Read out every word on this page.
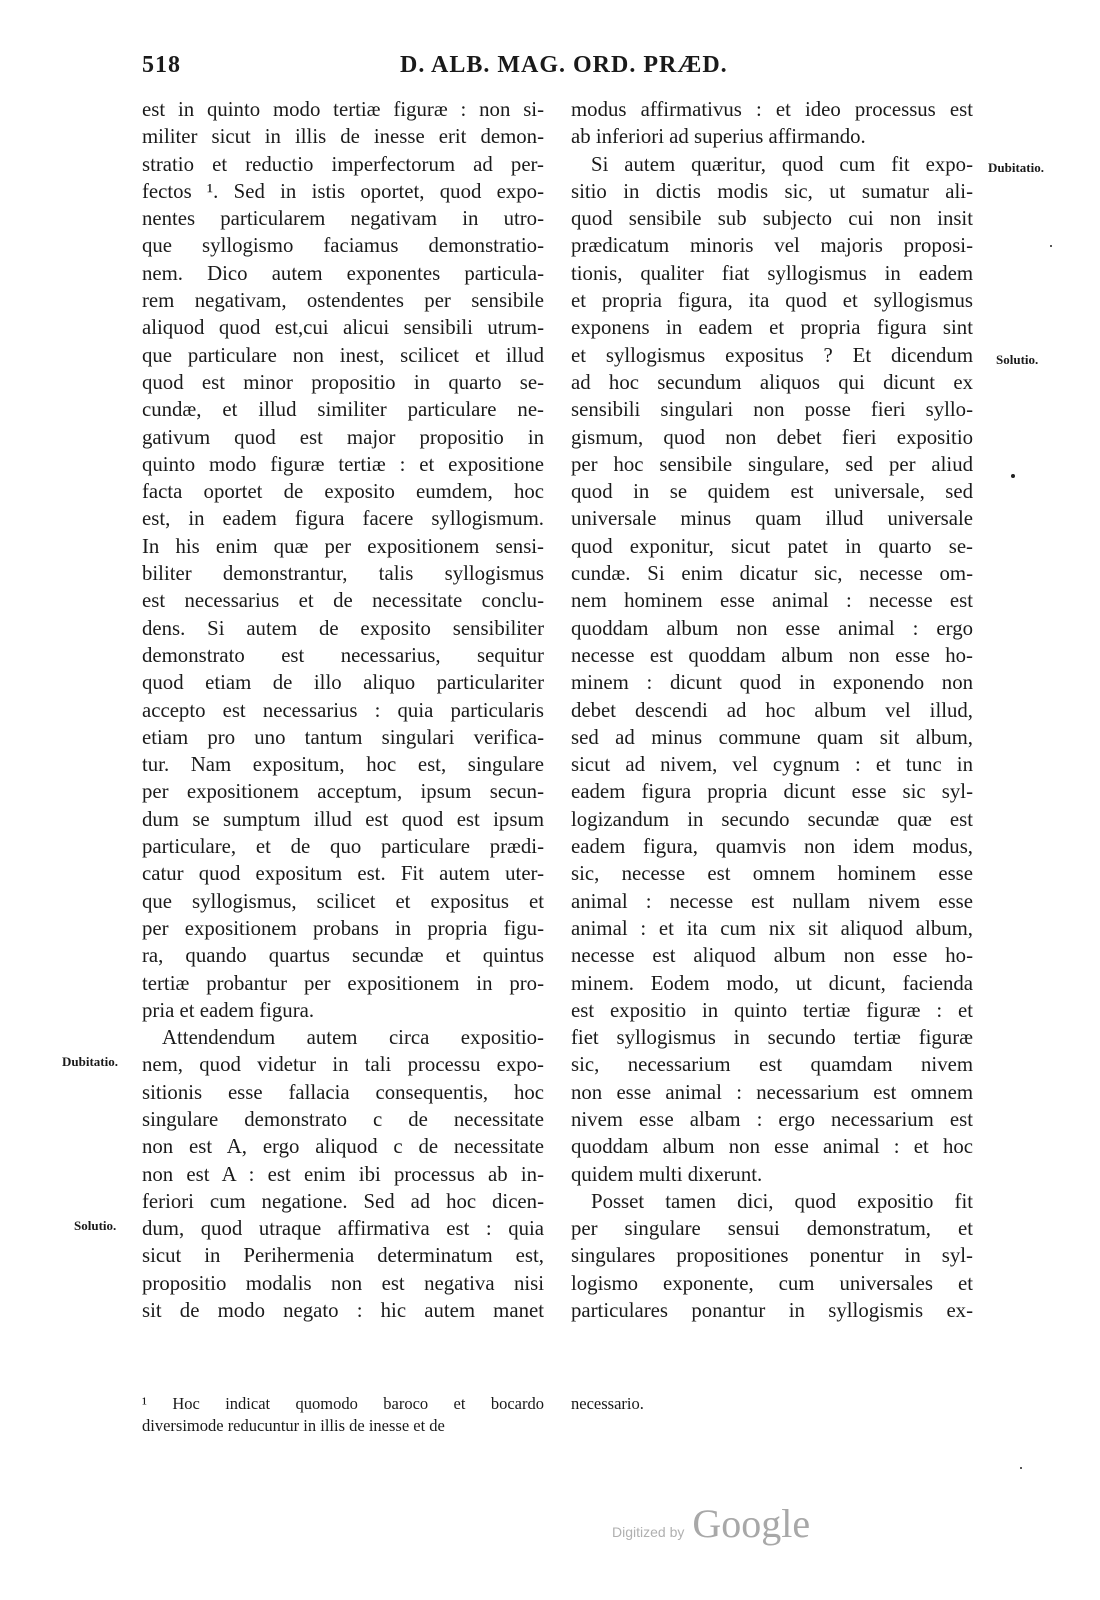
518	D. ALB. MAG. ORD. PRÆD.
est in quinto modo tertiæ figuræ : non si-
militer sicut in illis de inesse erit demon-
stratio et reductio imperfectorum ad per-
fectos ¹. Sed in istis oportet, quod expo-
nentes particularem negativam in utro-
que syllogismo faciamus demonstratio-
nem. Dico autem exponentes particula-
rem negativam, ostendentes per sensibile
aliquod quod est,cui alicui sensibili utrum-
que particulare non inest, scilicet et illud
quod est minor propositio in quarto se-
cundæ, et illud similiter particulare ne-
gativum quod est major propositio in
quinto modo figuræ tertiæ : et expositione
facta oportet de exposito eumdem, hoc
est, in eadem figura facere syllogismum.
In his enim quæ per expositionem sensi-
biliter demonstrantur, talis syllogismus
est necessarius et de necessitate conclu-
dens. Si autem de exposito sensibiliter
demonstrato est necessarius, sequitur
quod etiam de illo aliquo particulariter
accepto est necessarius : quia particularis
etiam pro uno tantum singulari verifica-
tur. Nam expositum, hoc est, singulare
per expositionem acceptum, ipsum secun-
dum se sumptum illud est quod est ipsum
particulare, et de quo particulare prædi-
catur quod expositum est. Fit autem uter-
que syllogismus, scilicet et expositus et
per expositionem probans in propria figu-
ra, quando quartus secundæ et quintus
tertiæ probantur per expositionem in pro-
pria et eadem figura.
Attendendum autem circa expositio-
nem, quod videtur in tali processu expo-
sitionis esse fallacia consequentis, hoc
singulare demonstrato c de necessitate
non est A, ergo aliquod c de necessitate
non est A : est enim ibi processus ab in-
feriori cum negatione. Sed ad hoc dicen-
dum, quod utraque affirmativa est : quia
sicut in Perihermenia determinatum est,
propositio modalis non est negativa nisi
sit de modo negato : hic autem manet
modus affirmativus : et ideo processus est
ab inferiori ad superius affirmando.
Si autem quæritur, quod cum fit expo-
sitio in dictis modis sic, ut sumatur ali-
quod sensibile sub subjecto cui non insit
prædicatum minoris vel majoris proposi-
tionis, qualiter fiat syllogismus in eadem
et propria figura, ita quod et syllogismus
exponens in eadem et propria figura sint
et syllogismus expositus ? Et dicendum
ad hoc secundum aliquos qui dicunt ex
sensibili singulari non posse fieri syllo-
gismum, quod non debet fieri expositio
per hoc sensibile singulare, sed per aliud
quod in se quidem est universale, sed
universale minus quam illud universale
quod exponitur, sicut patet in quarto se-
cundæ. Si enim dicatur sic, necesse om-
nem hominem esse animal : necesse est
quoddam album non esse animal : ergo
necesse est quoddam album non esse ho-
minem : dicunt quod in exponendo non
debet descendi ad hoc album vel illud,
sed ad minus commune quam sit album,
sicut ad nivem, vel cygnum : et tunc in
eadem figura propria dicunt esse sic syl-
logizandum in secundo secundæ quæ est
eadem figura, quamvis non idem modus,
sic, necesse est omnem hominem esse
animal : necesse est nullam nivem esse
animal : et ita cum nix sit aliquod album,
necesse est aliquod album non esse ho-
minem. Eodem modo, ut dicunt, facienda
est expositio in quinto tertiæ figuræ : et
fiet syllogismus in secundo tertiæ figuræ
sic, necessarium est quamdam nivem
non esse animal : necessarium est omnem
nivem esse albam : ergo necessarium est
quoddam album non esse animal : et hoc
quidem multi dixerunt.
Posset tamen dici, quod expositio fit
per singulare sensui demonstratum, et
singulares propositiones ponentur in syl-
logismo exponente, cum universales et
particulares ponantur in syllogismis ex-
Dubitatio.
Solutio.
Dubitatio.
Solutio.
¹ Hoc indicat quomodo baroco et bocardo
diversimode reducuntur in illis de inesse et de
necessario.
Digitized by Google
